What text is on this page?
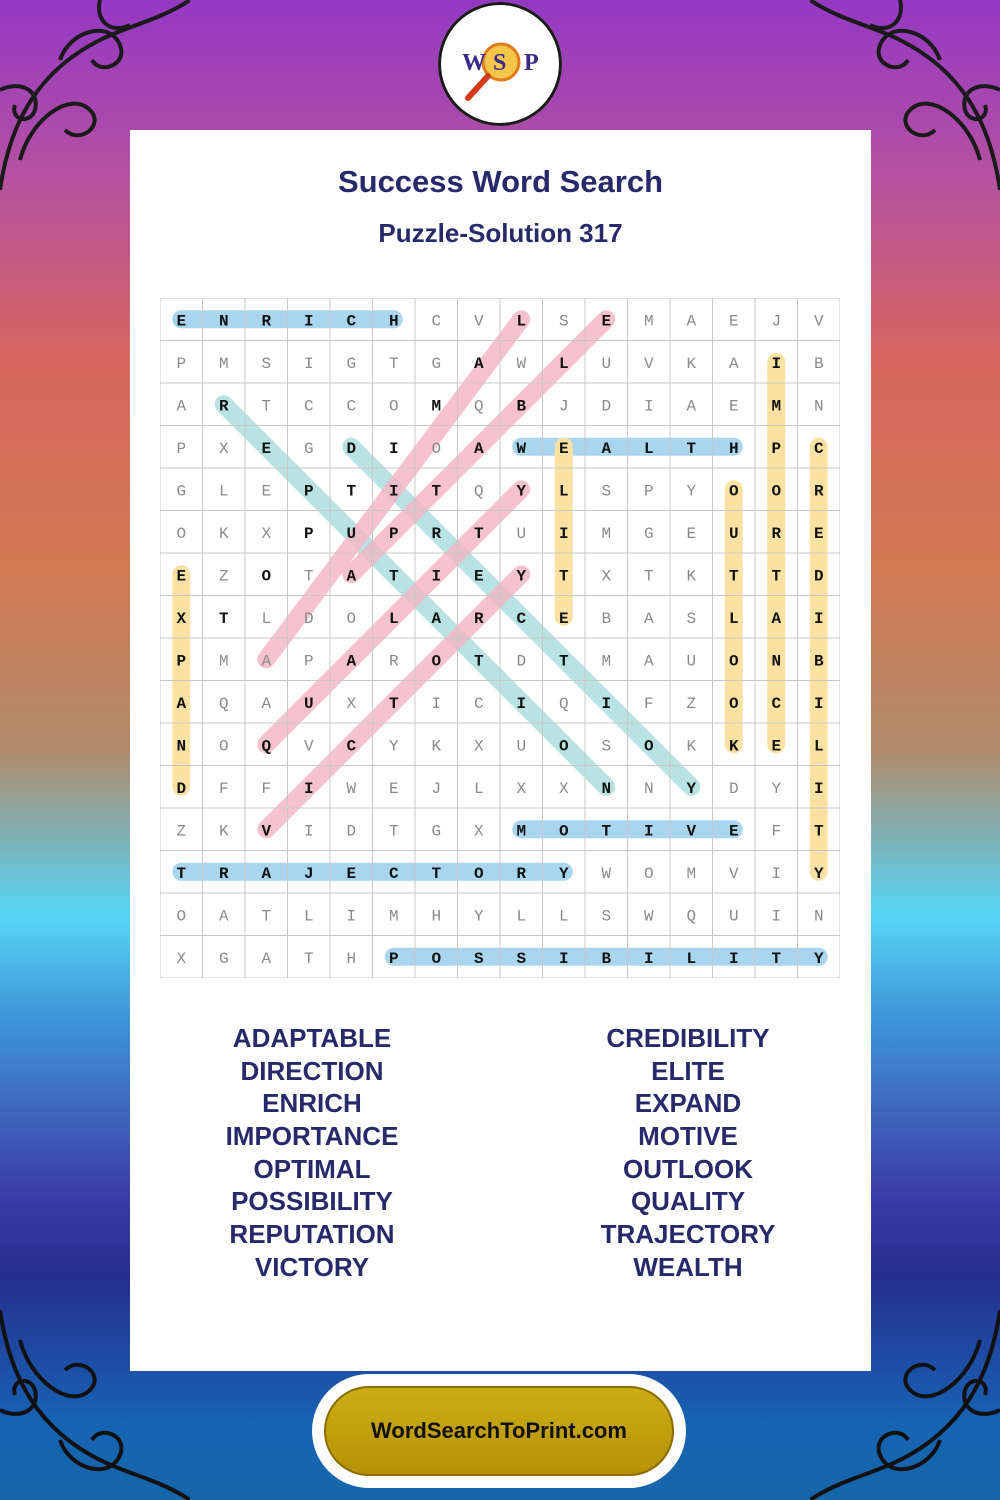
Success Word Search
Puzzle-Solution 317
W S P
E N R I C H C V L S E M A E J V
P M S I G T G A W L U V K A I B
A R T C C O M Q B J D I A E M N
P X E G D I O A W E A L T H P C
G L E P T I T Q Y L S P Y O O R
O K X P U P R T U I M G E U R E
E Z O T A T I E Y T X T K T T D
X T L D O L A R C E B A S L A I
P M A P A R O T D T M A U O N B
A Q A U X T I C I Q I F Z O C I
N O Q V C Y K X U O S O K K E L
D F F I W E J L X X N N Y D Y I
Z K V I D T G X M O T I V E F T
T R A J E C T O R Y W O M V I Y
O A T L I M H Y L L S W Q U I N
X G A T H P O S S I B I L I T Y
ADAPTABLE
DIRECTION
ENRICH
IMPORTANCE
OPTIMAL
POSSIBILITY
REPUTATION
VICTORY
CREDIBILITY
ELITE
EXPAND
MOTIVE
OUTLOOK
QUALITY
TRAJECTORY
WEALTH
WordSearchToPrint.com
